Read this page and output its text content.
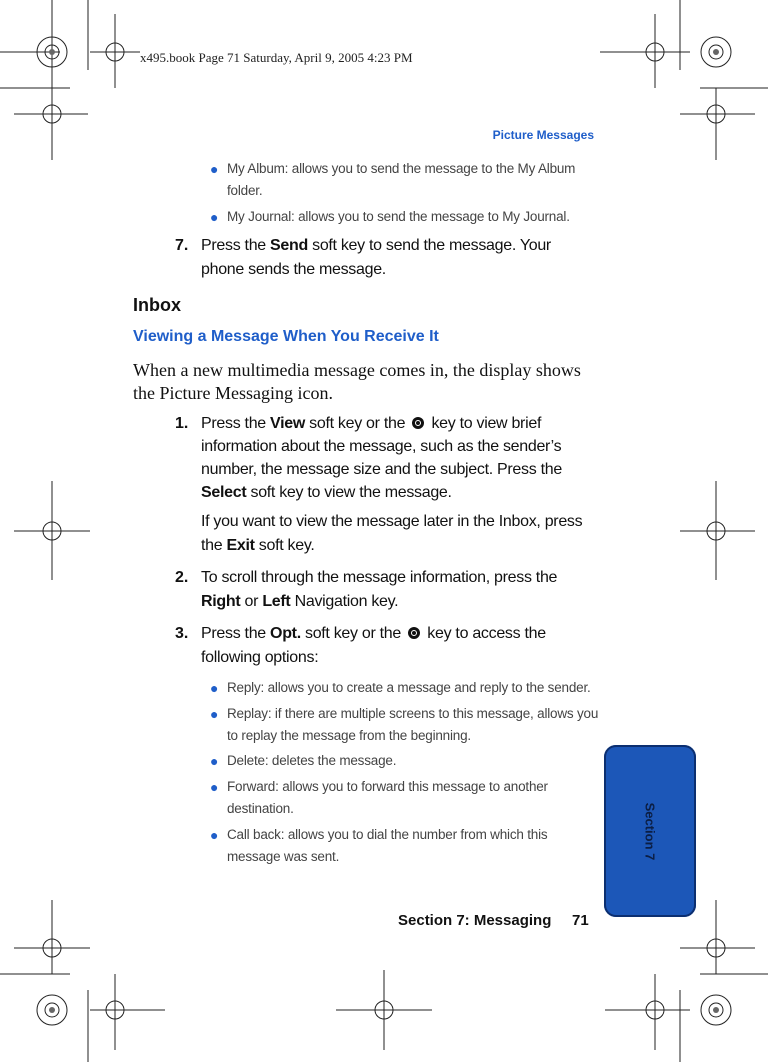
x495.book Page 71 Saturday, April 9, 2005 4:23 PM
Picture Messages
● My Album: allows you to send the message to the My Album folder.
● My Journal: allows you to send the message to My Journal.
7. Press the Send soft key to send the message. Your phone sends the message.
Inbox
Viewing a Message When You Receive It
When a new multimedia message comes in, the display shows the Picture Messaging icon.
1. Press the View soft key or the  key to view brief information about the message, such as the sender’s number, the message size and the subject. Press the Select soft key to view the message.
If you want to view the message later in the Inbox, press the Exit soft key.
2. To scroll through the message information, press the Right or Left Navigation key.
3. Press the Opt. soft key or the  key to access the following options:
● Reply: allows you to create a message and reply to the sender.
● Replay: if there are multiple screens to this message, allows you to replay the message from the beginning.
● Delete: deletes the message.
● Forward: allows you to forward this message to another destination.
● Call back: allows you to dial the number from which this message was sent.	Section 7
Section 7: Messaging 71
